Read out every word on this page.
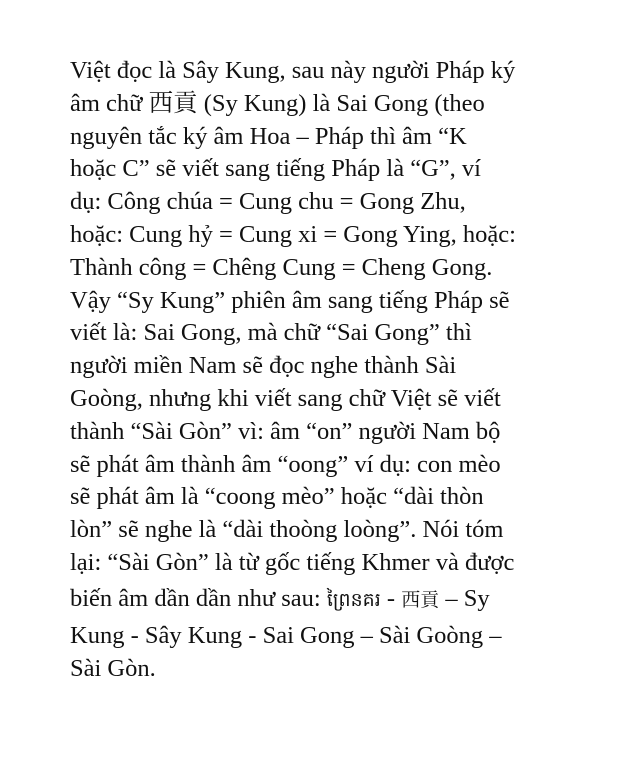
Việt đọc là Sây Kung, sau này người Pháp ký
âm chữ 西貢 (Sy Kung) là Sai Gong (theo
nguyên tắc ký âm Hoa – Pháp thì âm “K
hoặc C” sẽ viết sang tiếng Pháp là “G”, ví
dụ: Công chúa = Cung chu = Gong Zhu,
hoặc: Cung hỷ = Cung xi = Gong Ying, hoặc:
Thành công = Chêng Cung = Cheng Gong.
Vậy “Sy Kung” phiên âm sang tiếng Pháp sẽ
viết là: Sai Gong, mà chữ “Sai Gong” thì
người miền Nam sẽ đọc nghe thành Sài
Goòng, nhưng khi viết sang chữ Việt sẽ viết
thành “Sài Gòn” vì: âm “on” người Nam bộ
sẽ phát âm thành âm “oong” ví dụ: con mèo
sẽ phát âm là “coong mèo” hoặc “dài thòn
lòn” sẽ nghe là “dài thoòng loòng”. Nói tóm
lại: “Sài Gòn” là từ gốc tiếng Khmer và được
biến âm dần dần như sau: ព្រៃនគរ - 西貢 – Sy
Kung - Sây Kung - Sai Gong – Sài Goòng –
Sài Gòn.
